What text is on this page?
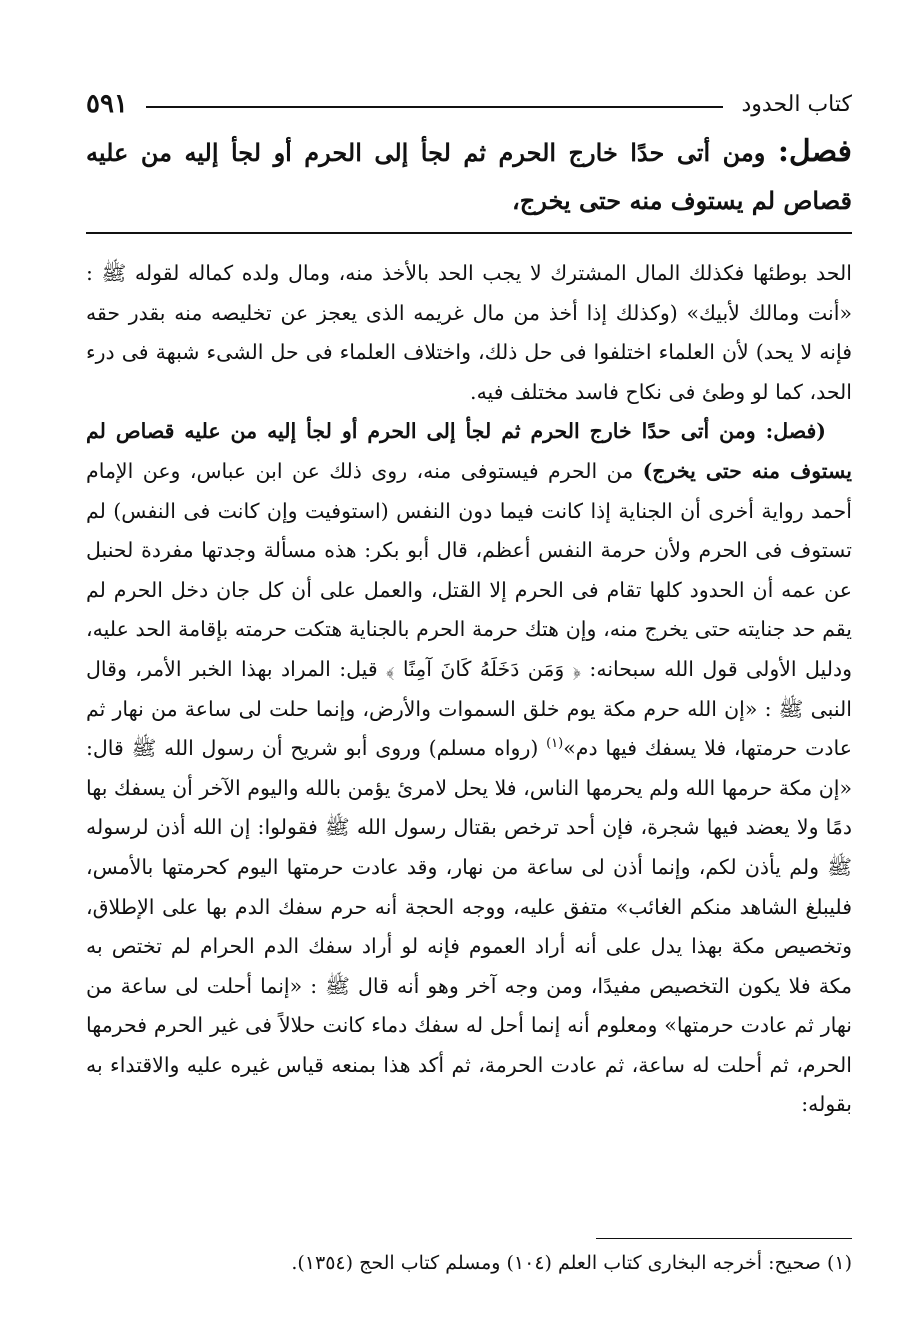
كتاب الحدود
٥٩١
فصل: ومن أتى حدًا خارج الحرم ثم لجأ إلى الحرم أو لجأ إليه من عليه قصاص لم يستوف منه حتى يخرج،

الحد بوطئها فكذلك المال المشترك لا يجب الحد بالأخذ منه، ومال ولده كماله لقوله ﷺ : «أنت ومالك لأبيك» (وكذلك إذا أخذ من مال غريمه الذى يعجز عن تخليصه منه بقدر حقه فإنه لا يحد) لأن العلماء اختلفوا فى حل ذلك، واختلاف العلماء فى حل الشىء شبهة فى درء الحد، كما لو وطئ فى نكاح فاسد مختلف فيه.

(فصل: ومن أتى حدًا خارج الحرم ثم لجأ إلى الحرم أو لجأ إليه من عليه قصاص لم يستوف منه حتى يخرج) من الحرم فيستوفى منه، روى ذلك عن ابن عباس، وعن الإمام أحمد رواية أخرى أن الجناية إذا كانت فيما دون النفس (استوفيت وإن كانت فى النفس) لم تستوف فى الحرم ولأن حرمة النفس أعظم، قال أبو بكر: هذه مسألة وجدتها مفردة لحنبل عن عمه أن الحدود كلها تقام فى الحرم إلا القتل، والعمل على أن كل جان دخل الحرم لم يقم حد جنايته حتى يخرج منه، وإن هتك حرمة الحرم بالجناية هتكت حرمته بإقامة الحد عليه، ودليل الأولى قول الله سبحانه: ﴿ وَمَن دَخَلَهُ كَانَ آمِنًا ﴾ قيل: المراد بهذا الخبر الأمر، وقال النبى ﷺ : «إن الله حرم مكة يوم خلق السموات والأرض، وإنما حلت لى ساعة من نهار ثم عادت حرمتها، فلا يسفك فيها دم»$^{(١)}$ (رواه مسلم) وروى أبو شريح أن رسول الله ﷺ قال: «إن مكة حرمها الله ولم يحرمها الناس، فلا يحل لامرئ يؤمن بالله واليوم الآخر أن يسفك بها دمًا ولا يعضد فيها شجرة، فإن أحد ترخص بقتال رسول الله ﷺ فقولوا: إن الله أذن لرسوله ﷺ ولم يأذن لكم، وإنما أذن لى ساعة من نهار، وقد عادت حرمتها اليوم كحرمتها بالأمس، فليبلغ الشاهد منكم الغائب» متفق عليه، ووجه الحجة أنه حرم سفك الدم بها على الإطلاق، وتخصيص مكة بهذا يدل على أنه أراد العموم فإنه لو أراد سفك الدم الحرام لم تختص به مكة فلا يكون التخصيص مفيدًا، ومن وجه آخر وهو أنه قال ﷺ : «إنما أحلت لى ساعة من نهار ثم عادت حرمتها» ومعلوم أنه إنما أحل له سفك دماء كانت حلالاً فى غير الحرم فحرمها الحرم، ثم أحلت له ساعة، ثم عادت الحرمة، ثم أكد هذا بمنعه قياس غيره عليه والاقتداء به بقوله:

(١) صحيح: أخرجه البخارى كتاب العلم (١٠٤) ومسلم كتاب الحج (١٣٥٤).
